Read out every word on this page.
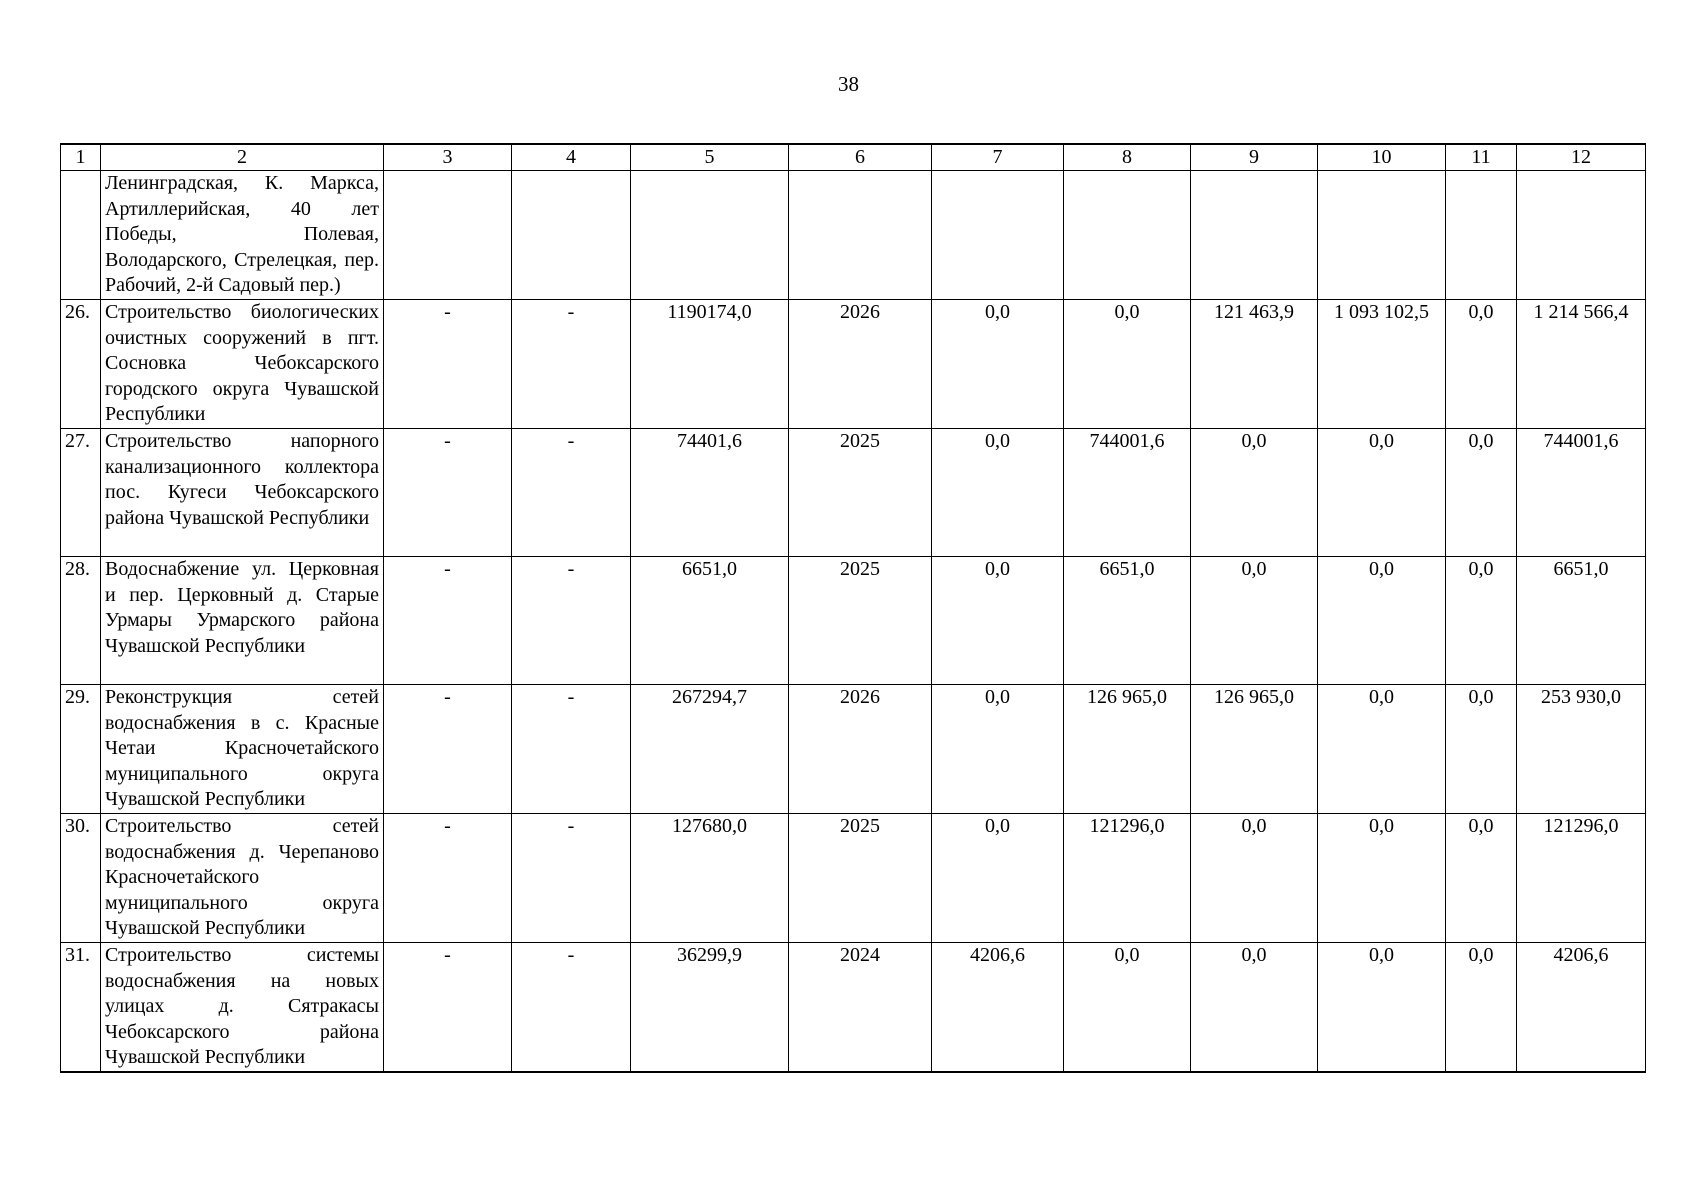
38
1	2	3	4	5	6	7	8	9	10	11	12
	Ленинградская, К. Маркса, Артиллерийская, 40 лет Победы, Полевая, Володарского, Стрелецкая, пер. Рабочий, 2-й Садовый пер.)										
26.	Строительство биологических очистных сооружений в пгт. Сосновка Чебоксарского городского округа Чувашской Республики	-	-	1190174,0	2026	0,0	0,0	121 463,9	1 093 102,5	0,0	1 214 566,4
27.	Строительство напорного канализационного коллектора пос. Кугеси Чебоксарского района Чувашской Республики	-	-	74401,6	2025	0,0	744001,6	0,0	0,0	0,0	744001,6
28.	Водоснабжение ул. Церковная и пер. Церковный д. Старые Урмары Урмарского района Чувашской Республики	-	-	6651,0	2025	0,0	6651,0	0,0	0,0	0,0	6651,0
29.	Реконструкция сетей водоснабжения в с. Красные Четаи Красночетайского муниципального округа Чувашской Республики	-	-	267294,7	2026	0,0	126 965,0	126 965,0	0,0	0,0	253 930,0
30.	Строительство сетей водоснабжения д. Черепаново Красночетайского муниципального округа Чувашской Республики	-	-	127680,0	2025	0,0	121296,0	0,0	0,0	0,0	121296,0
31.	Строительство системы водоснабжения на новых улицах д. Сятракасы Чебоксарского района Чувашской Республики	-	-	36299,9	2024	4206,6	0,0	0,0	0,0	0,0	4206,6
